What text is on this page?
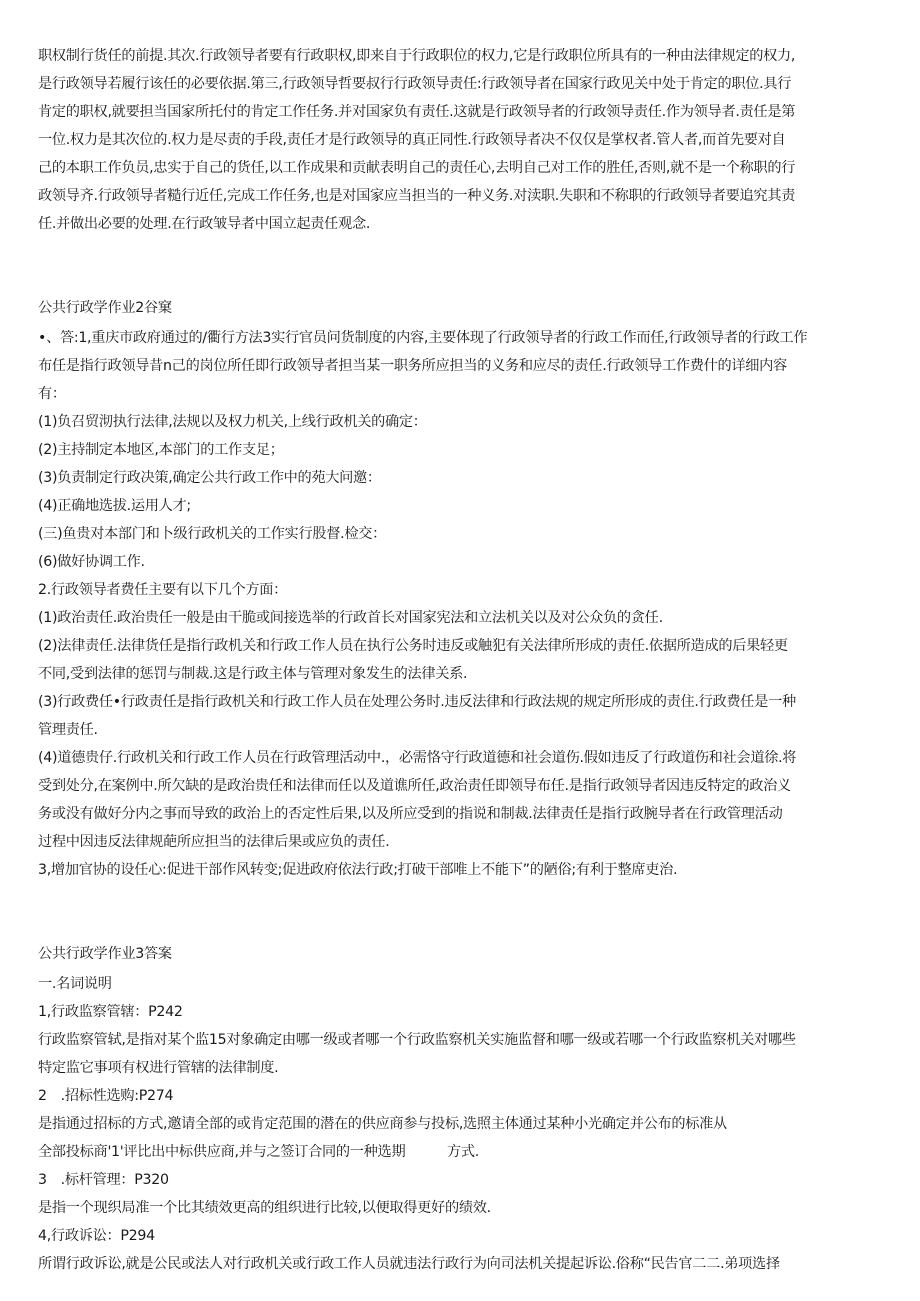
职权制行货任的前提.其次.行政领导者要有行政职权,即来自于行政职位的权力,它是行政职位所具有的一种由法律规定的权力,
是行政领导若履行该任的必要依据.第三,行政领导哲要叔行行政领导责任:行政领导者在国家行政见关中处于肯定的职位.具行
肯定的职权,就要担当国家所托付的肯定工作任务.并对国家负有责任.这就是行政领导者的行政领导责任.作为领导者.责任是第
一位.权力是其次位的.权力是尽责的手段,责任才是行政领导的真正同性.行政领导者决不仅仅是掌权者.管人者,而首先要对自
己的本职工作负员,忠实于自己的货任,以工作成果和贡献表明自己的责任心,去明自己对工作的胜任,否则,就不是一个称职的行
政领导齐.行政领导者糙行近任,完成工作任务,也是对国家应当担当的一种义务.对渎职.失职和不称职的行政领导者要追究其责
任.并做出必要的处理.在行政皱导者中国立起责任观念.
公共行政学作业2谷窠
•、答:1,重庆市政府通过的/衢行方法3实行官员问货制度的内容,主要体现了行政领导者的行政工作而任,行政领导者的行政工作
布任是指行政领导昔n己的岗位所任即行政领导者担当某一职务所应担当的义务和应尽的责任.行政领导工作费什的详细内容
有：
(1)负召贸沏执行法律,法规以及权力机关,上线行政机关的确定：
(2)主持制定本地区,本部门的工作支足；
(3)负责制定行政决策,确定公共行政工作中的苑大问邀：
(4)正确地选拔.运用人才;
(三)鱼贵对本部门和卜级行政机关的工作实行股督.检交：
(6)做好协调工作.
2.行政领导者费任主要有以下几个方面：
(1)政治责任.政治贵任一般是由干脆或间接选举的行政首长对国家宪法和立法机关以及对公众负的贪任.
(2)法律责任.法律货任是指行政机关和行政工作人员在执行公务时违反或触犯有关法律所形成的责任.依据所造成的后果轻更
不同,受到法律的惩罚与制裁.这是行政主体与管理对象发生的法律关系.
(3)行政费任•行政责任是指行政机关和行政工作人员在处理公务时.违反法律和行政法规的规定所形成的责住.行政费任是一种
管理责任.
(4)道德贵仔.行政机关和行政工作人员在行政管理活动中.，必需恪守行政道德和社会道伤.假如违反了行政道伤和社会道徐.将
受到处分,在案例中.所欠缺的是政治贵任和法律而任以及道谯所任,政治责任即领导布任.是指行政领导者因违反特定的政治义
务或没有做好分内之事而导致的政治上的否定性后果,以及所应受到的指说和制裁.法律责任是指行政腕导者在行政管理活动
过程中因违反法律规葩所应担当的法律后果或应负的责任.
3,增加官协的设任心:促进干部作风转变;促进政府依法行政;打破干部唯上不能下”的陋俗;有利于整席吏治.
公共行政学作业3答案
一.名词说明
1,行政监察管辖：P242
行政监察管轼,是指对某个监15对象确定由哪一级或者哪一个行政监察机关实施监督和哪一级或若哪一个行政监察机关对哪些
特定监它事项有权进行管辖的法律制度.
2　.招标性选购:P274
是指通过招标的方式,邀请全部的或肯定范围的潜在的供应商参与投标,选照主体通过某种小光确定并公布的标准从
全部投标商'1'评比出中标供应商,并与之签订合同的一种选期　　　方式.
3　.标杆管理：P320
是指一个现织局准一个比其绩效更高的组织进行比较,以便取得更好的绩效.
4,行政诉讼：P294
所谓行政诉讼,就是公民或法人对行政机关或行政工作人员就违法行政行为向司法机关提起诉讼.俗称“民告官二二.弟项选择
